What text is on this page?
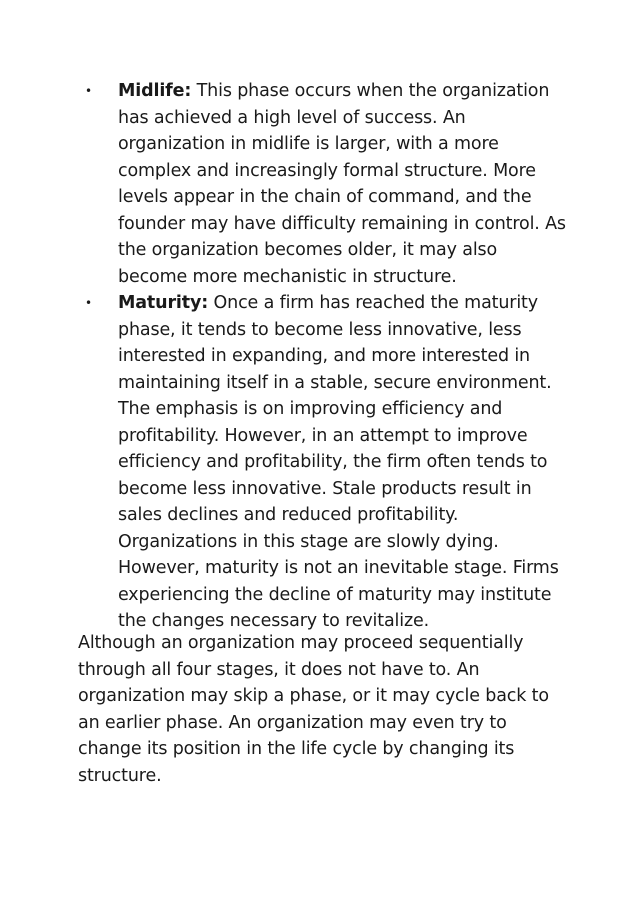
• Midlife: This phase occurs when the organization has achieved a high level of success. An organization in midlife is larger, with a more complex and increasingly formal structure. More levels appear in the chain of command, and the founder may have difficulty remaining in control. As the organization becomes older, it may also become more mechanistic in structure.
• Maturity: Once a firm has reached the maturity phase, it tends to become less innovative, less interested in expanding, and more interested in maintaining itself in a stable, secure environment. The emphasis is on improving efficiency and profitability. However, in an attempt to improve efficiency and profitability, the firm often tends to become less innovative. Stale products result in sales declines and reduced profitability. Organizations in this stage are slowly dying. However, maturity is not an inevitable stage. Firms experiencing the decline of maturity may institute the changes necessary to revitalize.

Although an organization may proceed sequentially through all four stages, it does not have to. An organization may skip a phase, or it may cycle back to an earlier phase. An organization may even try to change its position in the life cycle by changing its structure.
